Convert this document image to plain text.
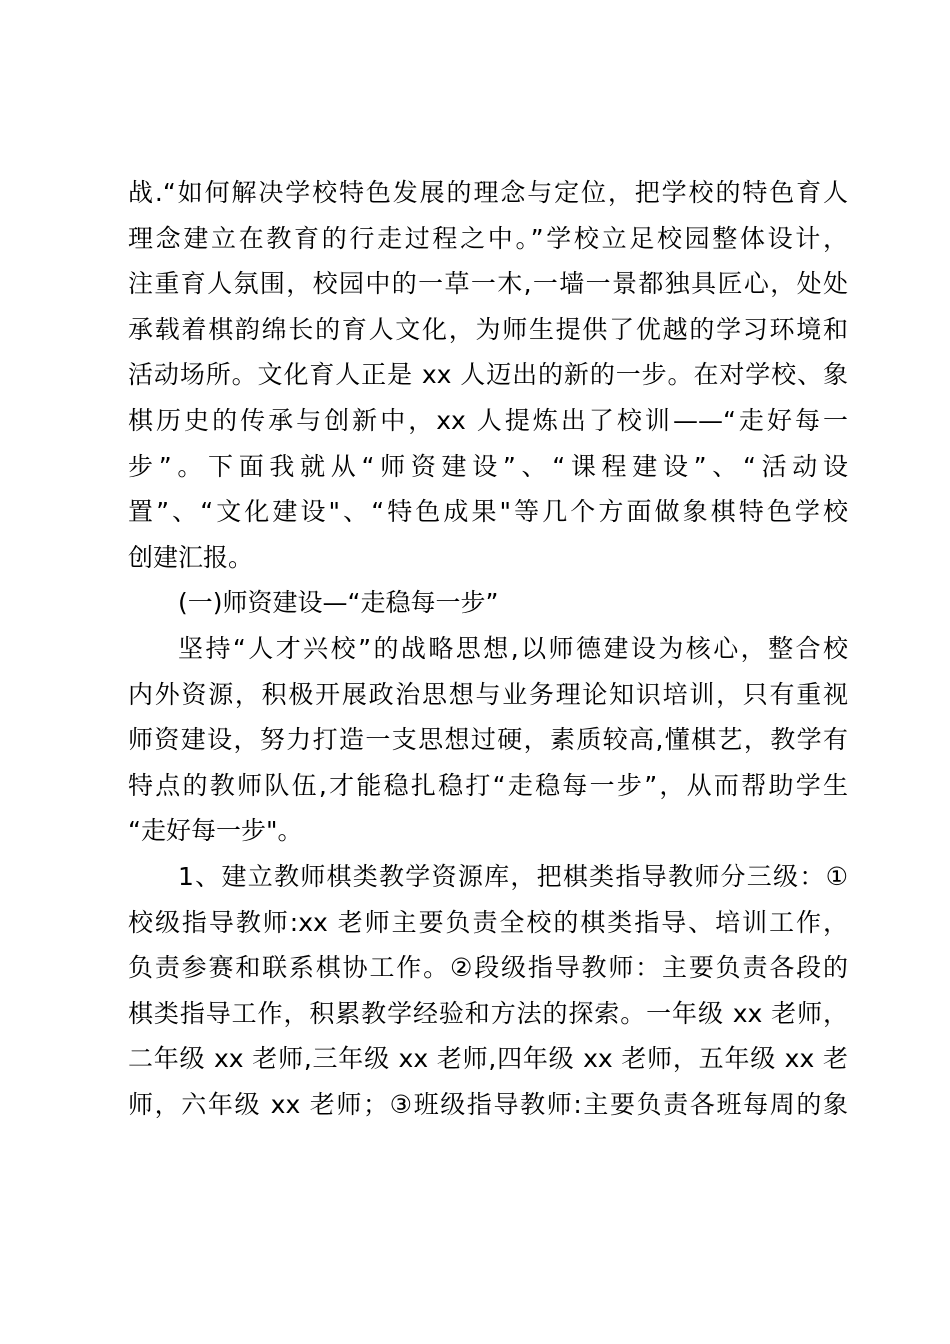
战.“如何解决学校特色发展的理念与定位，把学校的特色育人
理念建立在教育的行走过程之中。”学校立足校园整体设计，
注重育人氛围，校园中的一草一木,一墙一景都独具匠心，处处
承载着棋韵绵长的育人文化，为师生提供了优越的学习环境和
活动场所。文化育人正是 xx 人迈出的新的一步。在对学校、象
棋历史的传承与创新中，xx 人提炼出了校训——“走好每一
步”。下面我就从“师资建设”、“课程建设”、“活动设
置”、“文化建设"、“特色成果"等几个方面做象棋特色学校
创建汇报。
(一)师资建设—“走稳每一步”
坚持“人才兴校”的战略思想,以师德建设为核心，整合校
内外资源，积极开展政治思想与业务理论知识培训，只有重视
师资建设，努力打造一支思想过硬，素质较高,懂棋艺，教学有
特点的教师队伍,才能稳扎稳打“走稳每一步”，从而帮助学生
“走好每一步"。
1、建立教师棋类教学资源库，把棋类指导教师分三级：①
校级指导教师:xx 老师主要负责全校的棋类指导、培训工作，
负责参赛和联系棋协工作。②段级指导教师：主要负责各段的
棋类指导工作，积累教学经验和方法的探索。一年级 xx 老师，
二年级 xx 老师,三年级 xx 老师,四年级 xx 老师，五年级 xx 老
师，六年级 xx 老师；③班级指导教师:主要负责各班每周的象
